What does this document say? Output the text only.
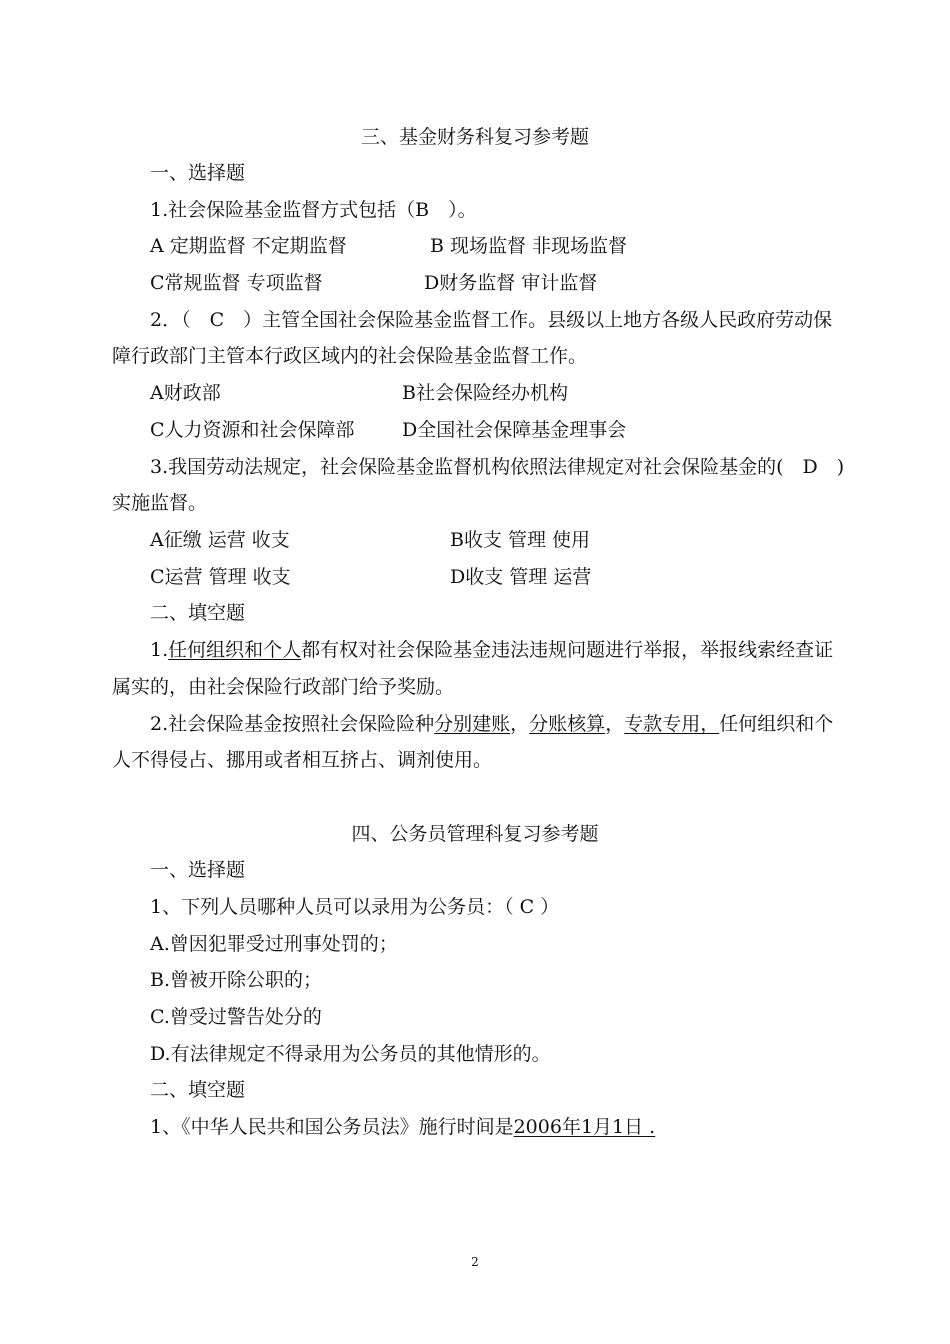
三、基金财务科复习参考题
一、选择题
1.社会保险基金监督方式包括（B　）。
A 定期监督 不定期监督	B 现场监督 非现场监督
C常规监督 专项监督	D财务监督 审计监督
2．（　C　）主管全国社会保险基金监督工作。县级以上地方各级人民政府劳动保
障行政部门主管本行政区域内的社会保险基金监督工作。
A财政部	B社会保险经办机构
C人力资源和社会保障部 D全国社会保障基金理事会
3.我国劳动法规定，社会保险基金监督机构依照法律规定对社会保险基金的(　D　)
实施监督。
A征缴 运营 收支	B收支 管理 使用
C运营 管理 收支	D收支 管理 运营
二、填空题
1.任何组织和个人都有权对社会保险基金违法违规问题进行举报，举报线索经查证
属实的，由社会保险行政部门给予奖励。
2.社会保险基金按照社会保险险种分别建账，分账核算，专款专用，任何组织和个
人不得侵占、挪用或者相互挤占、调剂使用。
四、公务员管理科复习参考题
一、选择题
1、下列人员哪种人员可以录用为公务员：（ C ）
A.曾因犯罪受过刑事处罚的；
B.曾被开除公职的；
C.曾受过警告处分的
D.有法律规定不得录用为公务员的其他情形的。
二、填空题
1、《中华人民共和国公务员法》施行时间是2006年1月1日 .
2
